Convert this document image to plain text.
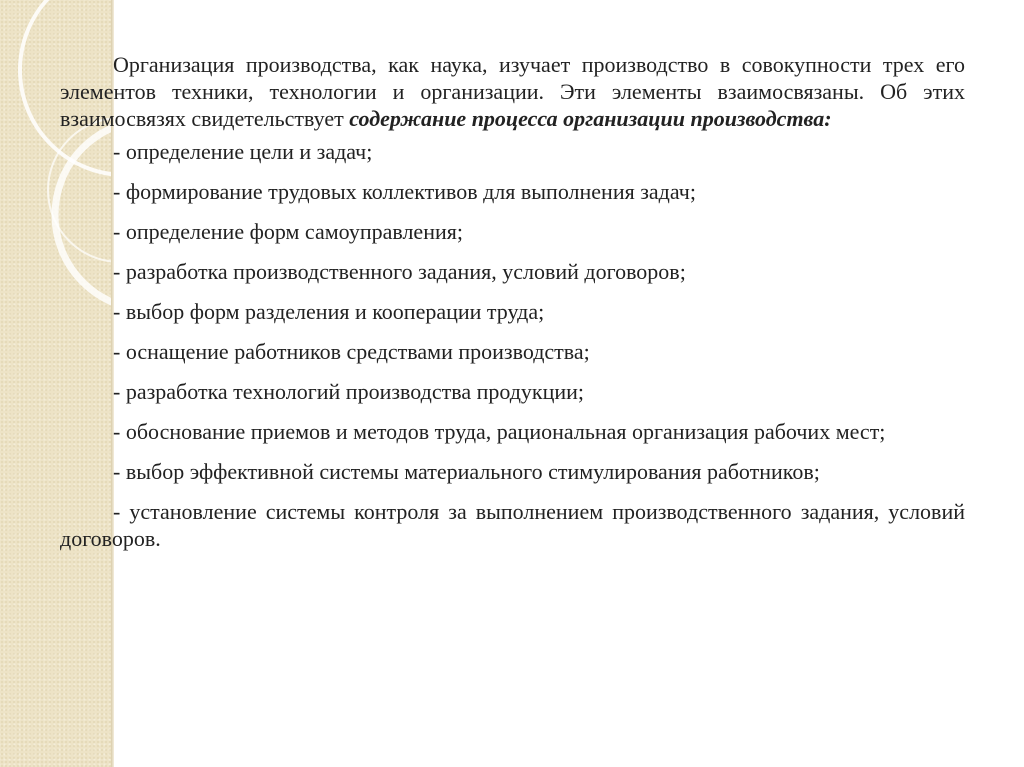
Организация производства, как наука, изучает производство в совокупности трех его элементов техники, технологии и организации. Эти элементы взаимосвязаны. Об этих взаимосвязях свидетельствует содержание процесса организации производства:

- определение цели и задач;

- формирование трудовых коллективов для выполнения задач;

- определение форм самоуправления;

- разработка производственного задания, условий договоров;

- выбор форм разделения и кооперации труда;

- оснащение работников средствами производства;

- разработка технологий производства продукции;

- обоснование приемов и методов труда, рациональная организация рабочих мест;

- выбор эффективной системы материального стимулирования работников;

- установление системы контроля за выполнением производственного задания, условий договоров.
